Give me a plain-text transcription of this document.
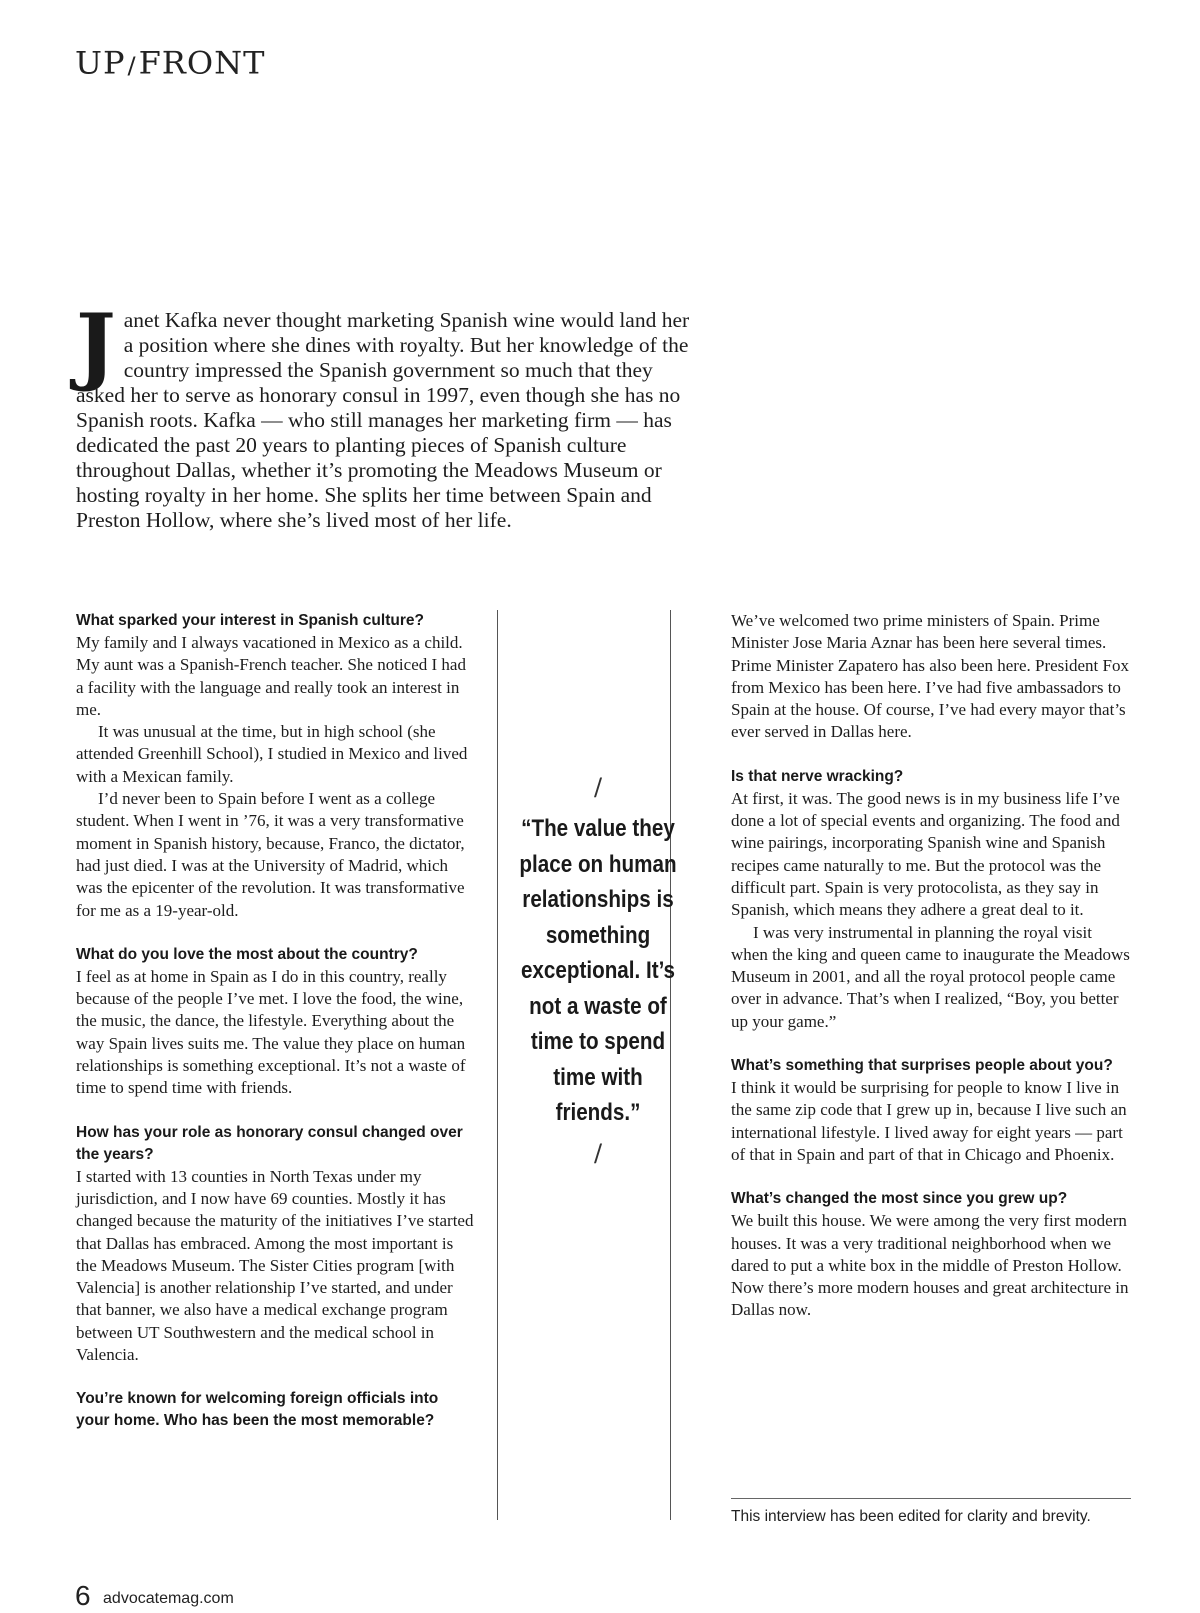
UP/FRONT
J anet Kafka never thought marketing Spanish wine would land her a position where she dines with royalty. But her knowledge of the country impressed the Spanish government so much that they asked her to serve as honorary consul in 1997, even though she has no Spanish roots. Kafka — who still manages her marketing firm — has dedicated the past 20 years to planting pieces of Spanish culture throughout Dallas, whether it’s promoting the Meadows Museum or hosting royalty in her home. She splits her time between Spain and Preston Hollow, where she’s lived most of her life.

What sparked your interest in Spanish culture?

My family and I always vacationed in Mexico as a child. My aunt was a Spanish-French teacher. She noticed I had a facility with the language and really took an interest in me.

It was unusual at the time, but in high school (she attended Greenhill School), I studied in Mexico and lived with a Mexican family.

I’d never been to Spain before I went as a college student. When I went in ’76, it was a very transformative moment in Spanish history, because, Franco, the dictator, had just died. I was at the University of Madrid, which was the epicenter of the revolution. It was transformative for me as a 19-year-old.

What do you love the most about the country?

I feel as at home in Spain as I do in this country, really because of the people I’ve met. I love the food, the wine, the music, the dance, the lifestyle. Everything about the way Spain lives suits me. The value they place on human relationships is something exceptional. It’s not a waste of time to spend time with friends.

How has your role as honorary consul changed over the years?

I started with 13 counties in North Texas under my jurisdiction, and I now have 69 counties. Mostly it has changed because the maturity of the initiatives I’ve started that Dallas has embraced. Among the most important is the Meadows Museum. The Sister Cities program [with Valencia] is another relationship I’ve started, and under that banner, we also have a medical exchange program between UT Southwestern and the medical school in Valencia.

You’re known for welcoming foreign officials into your home. Who has been the most memorable?

/
“The value they place on human relationships is something exceptional. It’s not a waste of time to spend time with friends.”
/

We’ve welcomed two prime ministers of Spain. Prime Minister Jose Maria Aznar has been here several times. Prime Minister Zapatero has also been here. President Fox from Mexico has been here. I’ve had five ambassadors to Spain at the house. Of course, I’ve had every mayor that’s ever served in Dallas here.

Is that nerve wracking?

At first, it was. The good news is in my business life I’ve done a lot of special events and organizing. The food and wine pairings, incorporating Spanish wine and Spanish recipes came naturally to me. But the protocol was the difficult part. Spain is very protocolista, as they say in Spanish, which means they adhere a great deal to it.

I was very instrumental in planning the royal visit when the king and queen came to inaugurate the Meadows Museum in 2001, and all the royal protocol people came over in advance. That’s when I realized, “Boy, you better up your game.”

What’s something that surprises people about you?

I think it would be surprising for people to know I live in the same zip code that I grew up in, because I live such an international lifestyle. I lived away for eight years — part of that in Spain and part of that in Chicago and Phoenix.

What’s changed the most since you grew up?

We built this house. We were among the very first modern houses. It was a very traditional neighborhood when we dared to put a white box in the middle of Preston Hollow. Now there’s more modern houses and great architecture in Dallas now.

This interview has been edited for clarity and brevity.
6 advocatemag.com
